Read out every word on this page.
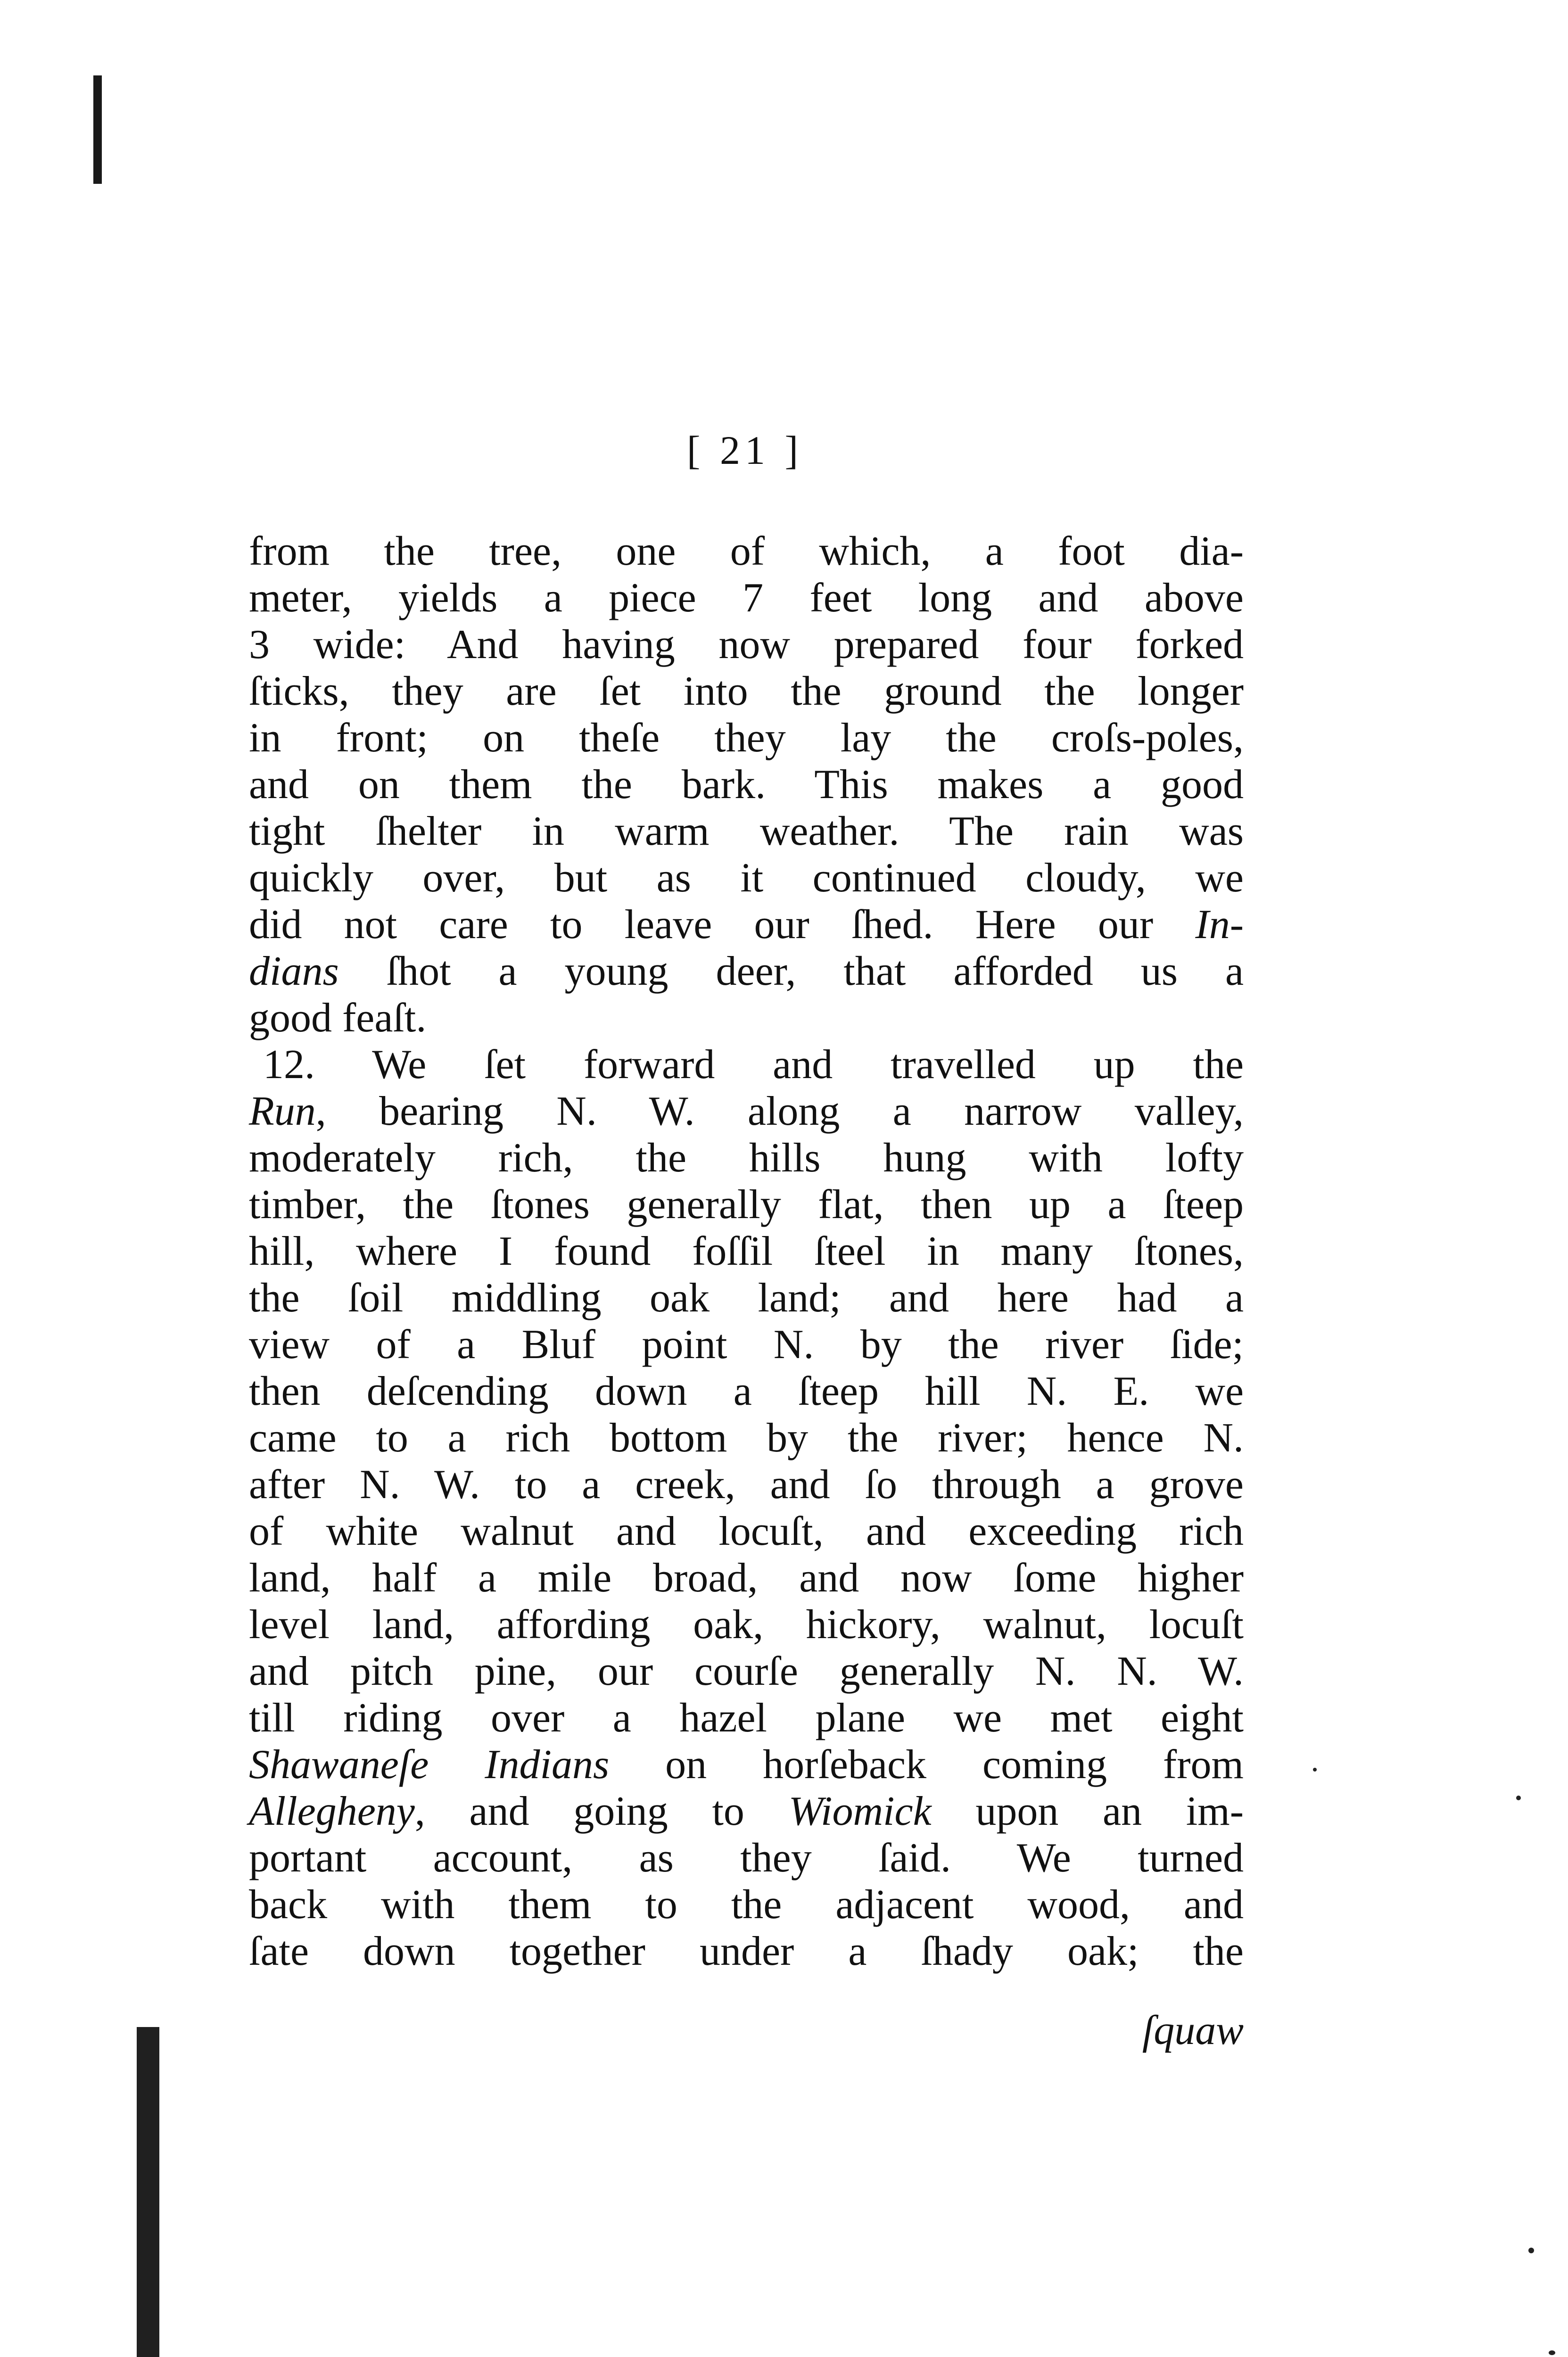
[ 21 ]
from the tree, one of which, a foot dia-
meter, yields a piece 7 feet long and above
3 wide: And having now prepared four forked
ſticks, they are ſet into the ground the longer
in front; on theſe they lay the croſs-poles,
and on them the bark. This makes a good
tight ſhelter in warm weather. The rain was
quickly over, but as it continued cloudy, we
did not care to leave our ſhed. Here our In-
dians ſhot a young deer, that afforded us a
good feaſt.
12. We ſet forward and travelled up the
Run, bearing N. W. along a narrow valley,
moderately rich, the hills hung with lofty
timber, the ſtones generally flat, then up a ſteep
hill, where I found foſſil ſteel in many ſtones,
the ſoil middling oak land; and here had a
view of a Bluf point N. by the river ſide;
then deſcending down a ſteep hill N. E. we
came to a rich bottom by the river; hence N.
after N. W. to a creek, and ſo through a grove
of white walnut and locuſt, and exceeding rich
land, half a mile broad, and now ſome higher
level land, affording oak, hickory, walnut, locuſt
and pitch pine, our courſe generally N. N. W.
till riding over a hazel plane we met eight
Shawaneſe Indians on horſeback coming from
Allegheny, and going to Wiomick upon an im-
portant account, as they ſaid. We turned
back with them to the adjacent wood, and
ſate down together under a ſhady oak; the
ſquaw
